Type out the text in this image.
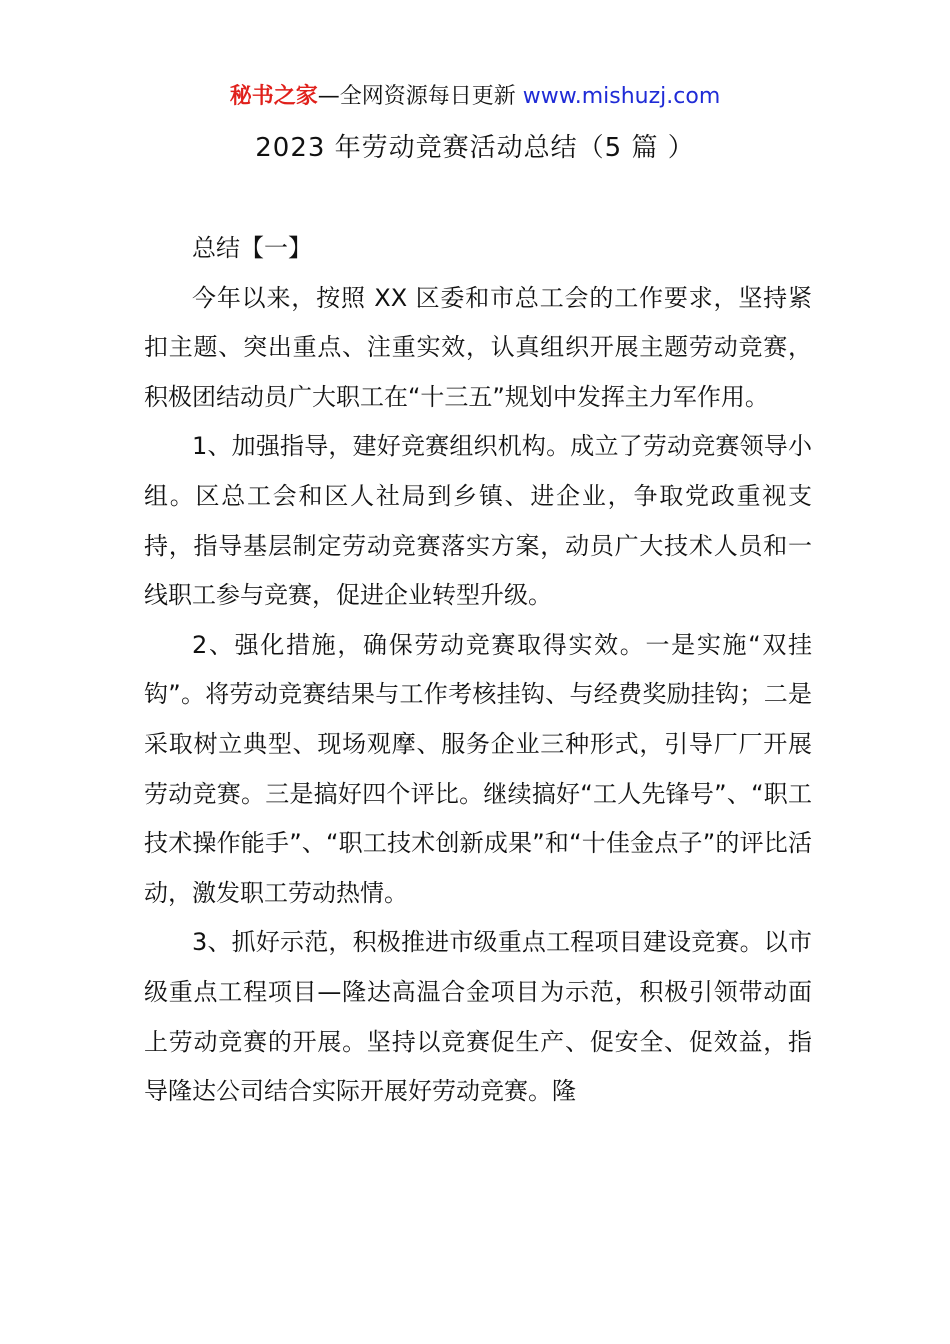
秘书之家—全网资源每日更新 www.mishuzj.com
2023 年劳动竞赛活动总结（5 篇 ）

总结【一】

今年以来，按照 XX 区委和市总工会的工作要求，坚持紧扣主题、突出重点、注重实效，认真组织开展主题劳动竞赛，积极团结动员广大职工在“十三五”规划中发挥主力军作用。

1、加强指导，建好竞赛组织机构。成立了劳动竞赛领导小组。区总工会和区人社局到乡镇、进企业，争取党政重视支持，指导基层制定劳动竞赛落实方案，动员广大技术人员和一线职工参与竞赛，促进企业转型升级。

2、强化措施，确保劳动竞赛取得实效。一是实施“双挂钩”。将劳动竞赛结果与工作考核挂钩、与经费奖励挂钩；二是采取树立典型、现场观摩、服务企业三种形式，引导厂厂开展劳动竞赛。三是搞好四个评比。继续搞好“工人先锋号”、“职工技术操作能手”、“职工技术创新成果”和“十佳金点子”的评比活动，激发职工劳动热情。

3、抓好示范，积极推进市级重点工程项目建设竞赛。以市级重点工程项目—隆达高温合金项目为示范，积极引领带动面上劳动竞赛的开展。坚持以竞赛促生产、促安全、促效益，指导隆达公司结合实际开展好劳动竞赛。隆
